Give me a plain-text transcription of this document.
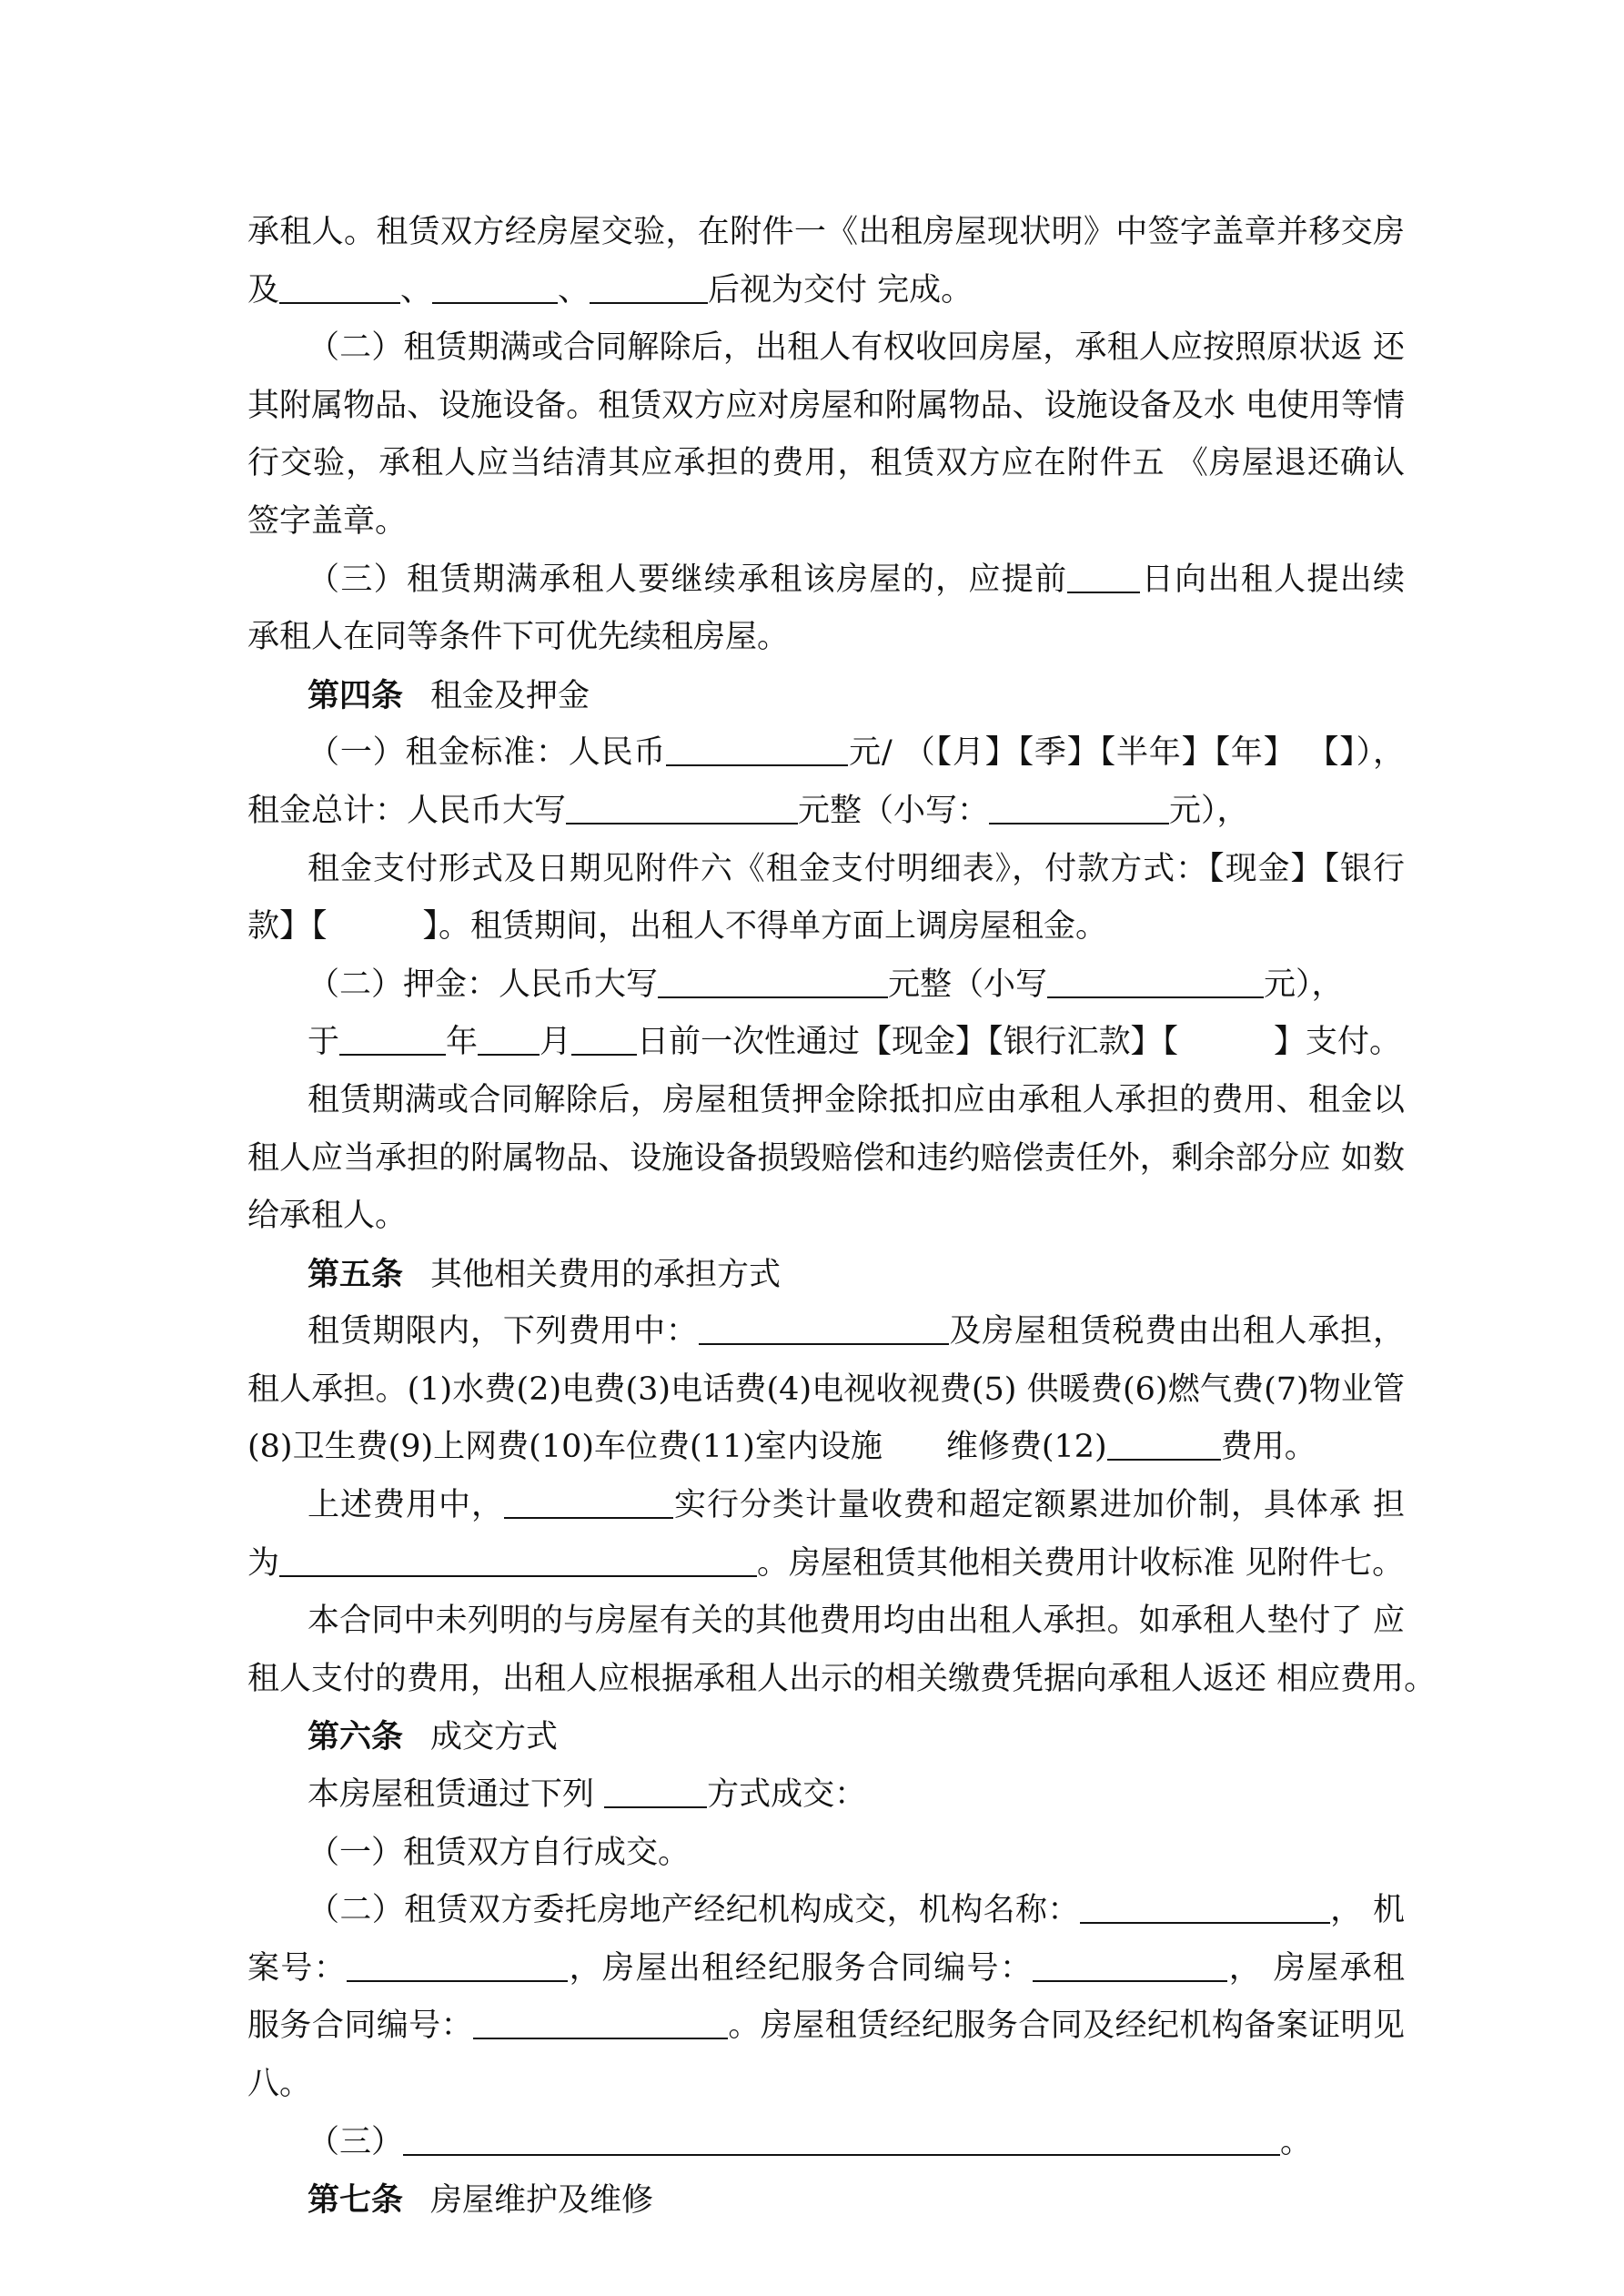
承租人。租赁双方经房屋交验，在附件一《出租房屋现状明》中签字盖章并移交房
及	、	、	后视为交付 完成。
（二）租赁期满或合同解除后，出租人有权收回房屋，承租人应按照原状返 还
其附属物品、设施设备。租赁双方应对房屋和附属物品、设施设备及水 电使用等情
行交验，承租人应当结清其应承担的费用，租赁双方应在附件五 《房屋退还确认
签字盖章。
（三）租赁期满承租人要继续承租该房屋的，应提前 日向出租人提出续
承租人在同等条件下可优先续租房屋。
第四条 租金及押金
（一）租金标准：人民币	元/ （【月】【季】【半年】【年】 【】），
租金总计：人民币大写	元整（小写：	元），
租金支付形式及日期见附件六《租金支付明细表》，付款方式：【现金】【银行
款】【　　　】。租赁期间，出租人不得单方面上调房屋租金。
（二）押金：人民币大写	元整（小写	元），
于	年 月 日前一次性通过【现金】【银行汇款】【　　　】支付。
租赁期满或合同解除后，房屋租赁押金除抵扣应由承租人承担的费用、租金以
租人应当承担的附属物品、设施设备损毁赔偿和违约赔偿责任外，剩余部分应 如数
给承租人。
第五条 其他相关费用的承担方式
租赁期限内，下列费用中：	及房屋租赁税费由出租人承担，
租人承担。(1)水费(2)电费(3)电话费(4)电视收视费(5) 供暖费(6)燃气费(7)物业管
(8)卫生费(9)上网费(10)车位费(11)室内设施　　维修费(12)	费用。
上述费用中，	实行分类计量收费和超定额累进加价制，具体承 担
为	。房屋租赁其他相关费用计收标准 见附件七。
本合同中未列明的与房屋有关的其他费用均由出租人承担。如承租人垫付了 应
租人支付的费用，出租人应根据承租人出示的相关缴费凭据向承租人返还 相应费用。
第六条 成交方式
本房屋租赁通过下列	方式成交：
（一）租赁双方自行成交。
（二）租赁双方委托房地产经纪机构成交，机构名称：	， 机
案号：	，房屋出租经纪服务合同编号：	， 房屋承租
服务合同编号：	。房屋租赁经纪服务合同及经纪机构备案证明见
八。
（三）	。
第七条 房屋维护及维修
